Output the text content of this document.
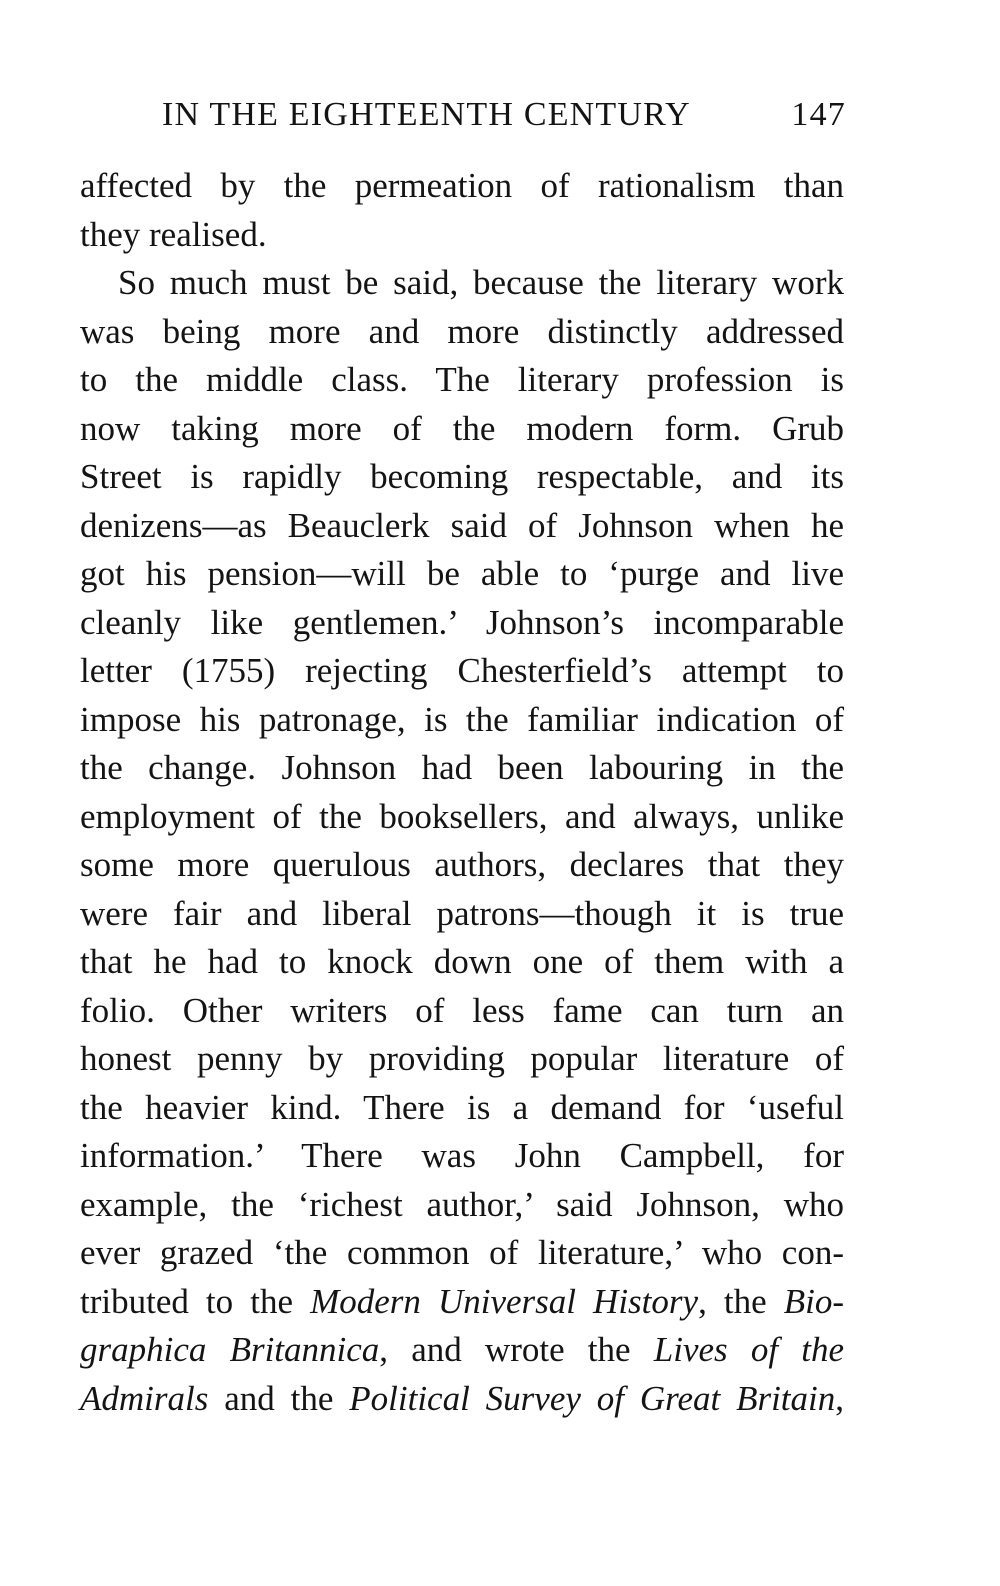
IN THE EIGHTEENTH CENTURY	147
affected by the permeation of rationalism than
they realised.
So much must be said, because the literary work
was being more and more distinctly addressed
to the middle class. The literary profession is
now taking more of the modern form. Grub
Street is rapidly becoming respectable, and its
denizens—as Beauclerk said of Johnson when he
got his pension—will be able to ‘purge and live
cleanly like gentlemen.’ Johnson’s incomparable
letter (1755) rejecting Chesterfield’s attempt to
impose his patronage, is the familiar indication of
the change. Johnson had been labouring in the
employment of the booksellers, and always, unlike
some more querulous authors, declares that they
were fair and liberal patrons—though it is true
that he had to knock down one of them with a
folio. Other writers of less fame can turn an
honest penny by providing popular literature of
the heavier kind. There is a demand for ‘useful
information.’ There was John Campbell, for
example, the ‘richest author,’ said Johnson, who
ever grazed ‘the common of literature,’ who con-
tributed to the Modern Universal History, the Bio-
graphica Britannica, and wrote the Lives of the
Admirals and the Political Survey of Great Britain,
